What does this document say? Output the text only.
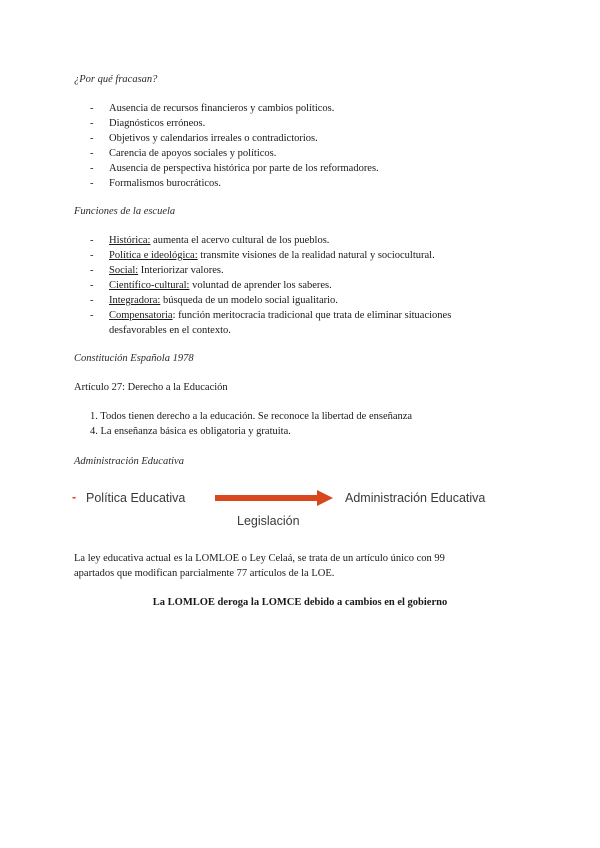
¿Por qué fracasan?
- Ausencia de recursos financieros y cambios políticos.
- Diagnósticos erróneos.
- Objetivos y calendarios irreales o contradictorios.
- Carencia de apoyos sociales y políticos.
- Ausencia de perspectiva histórica por parte de los reformadores.
- Formalismos burocráticos.
Funciones de la escuela
- Histórica: aumenta el acervo cultural de los pueblos.
- Política e ideológica: transmite visiones de la realidad natural y sociocultural.
- Social: Interiorizar valores.
- Científico-cultural: voluntad de aprender los saberes.
- Integradora: búsqueda de un modelo social igualitario.
- Compensatoria: función meritocracia tradicional que trata de eliminar situaciones desfavorables en el contexto.
Constitución Española 1978
Artículo 27: Derecho a la Educación
1. Todos tienen derecho a la educación. Se reconoce la libertad de enseñanza
4. La enseñanza básica es obligatoria y gratuita.
Administración Educativa
- Política Educativa	Administración Educativa
Legislación
La ley educativa actual es la LOMLOE o Ley Celaá, se trata de un artículo único con 99 apartados que modifican parcialmente 77 artículos de la LOE.
La LOMLOE deroga la LOMCE debido a cambios en el gobierno
